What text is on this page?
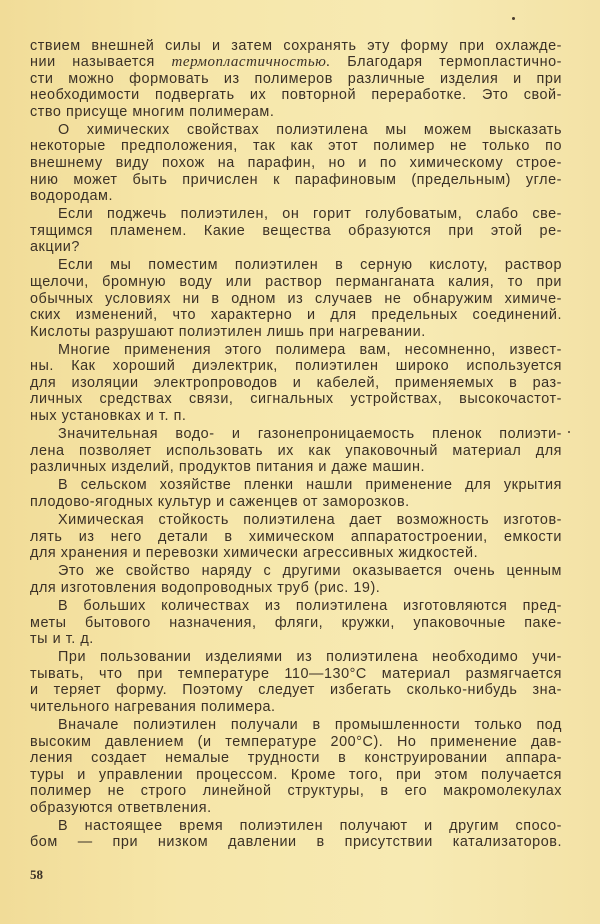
ствием внешней силы и затем сохранять эту форму при охлажде-
нии называется термопластичностью. Благодаря термопластично-
сти можно формовать из полимеров различные изделия и при
необходимости подвергать их повторной переработке. Это свой-
ство присуще многим полимерам.
О химических свойствах полиэтилена мы можем высказать
некоторые предположения, так как этот полимер не только по
внешнему виду похож на парафин, но и по химическому строе-
нию может быть причислен к парафиновым (предельным) угле-
водородам.
Если поджечь полиэтилен, он горит голубоватым, слабо све-
тящимся пламенем. Какие вещества образуются при этой ре-
акции?
Если мы поместим полиэтилен в серную кислоту, раствор
щелочи, бромную воду или раствор перманганата калия, то при
обычных условиях ни в одном из случаев не обнаружим химиче-
ских изменений, что характерно и для предельных соединений.
Кислоты разрушают полиэтилен лишь при нагревании.
Многие применения этого полимера вам, несомненно, извест-
ны. Как хороший диэлектрик, полиэтилен широко используется
для изоляции электропроводов и кабелей, применяемых в раз-
личных средствах связи, сигнальных устройствах, высокочастот-
ных установках и т. п.
Значительная водо- и газонепроницаемость пленок полиэти-
лена позволяет использовать их как упаковочный материал для
различных изделий, продуктов питания и даже машин.
В сельском хозяйстве пленки нашли применение для укрытия
плодово-ягодных культур и саженцев от заморозков.
Химическая стойкость полиэтилена дает возможность изготов-
лять из него детали в химическом аппаратостроении, емкости
для хранения и перевозки химически агрессивных жидкостей.
Это же свойство наряду с другими оказывается очень ценным
для изготовления водопроводных труб (рис. 19).
В больших количествах из полиэтилена изготовляются пред-
меты бытового назначения, фляги, кружки, упаковочные паке-
ты и т. д.
При пользовании изделиями из полиэтилена необходимо учи-
тывать, что при температуре 110—130°C материал размягчается
и теряет форму. Поэтому следует избегать сколько-нибудь зна-
чительного нагревания полимера.
Вначале полиэтилен получали в промышленности только под
высоким давлением (и температуре 200°C). Но применение дав-
ления создает немалые трудности в конструировании аппара-
туры и управлении процессом. Кроме того, при этом получается
полимер не строго линейной структуры, в его макромолекулах
образуются ответвления.
В настоящее время полиэтилен получают и другим спосо-
бом — при низком давлении в присутствии катализаторов.
58
